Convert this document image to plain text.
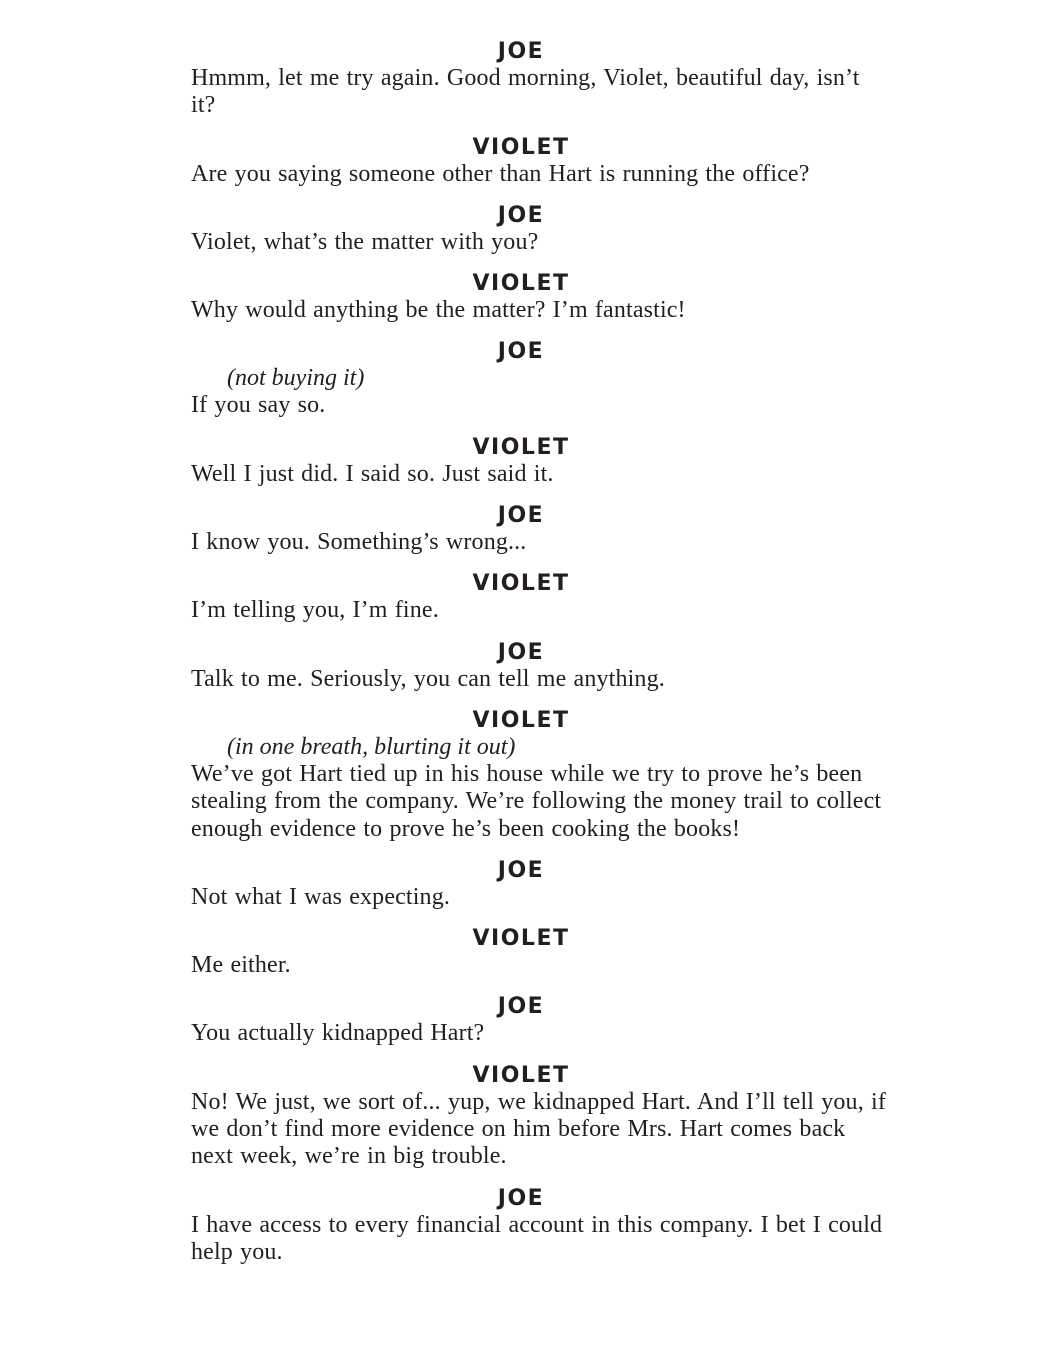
JOE
Hmmm, let me try again. Good morning, Violet, beautiful day, isn’t it?
VIOLET
Are you saying someone other than Hart is running the office?
JOE
Violet, what’s the matter with you?
VIOLET
Why would anything be the matter? I’m fantastic!
JOE
(not buying it)
If you say so.
VIOLET
Well I just did. I said so. Just said it.
JOE
I know you. Something’s wrong...
VIOLET
I’m telling you, I’m fine.
JOE
Talk to me. Seriously, you can tell me anything.
VIOLET
(in one breath, blurting it out)
We’ve got Hart tied up in his house while we try to prove he’s been stealing from the company. We’re following the money trail to collect enough evidence to prove he’s been cooking the books!
JOE
Not what I was expecting.
VIOLET
Me either.
JOE
You actually kidnapped Hart?
VIOLET
No! We just, we sort of... yup, we kidnapped Hart. And I’ll tell you, if we don’t find more evidence on him before Mrs. Hart comes back next week, we’re in big trouble.
JOE
I have access to every financial account in this company. I bet I could help you.
